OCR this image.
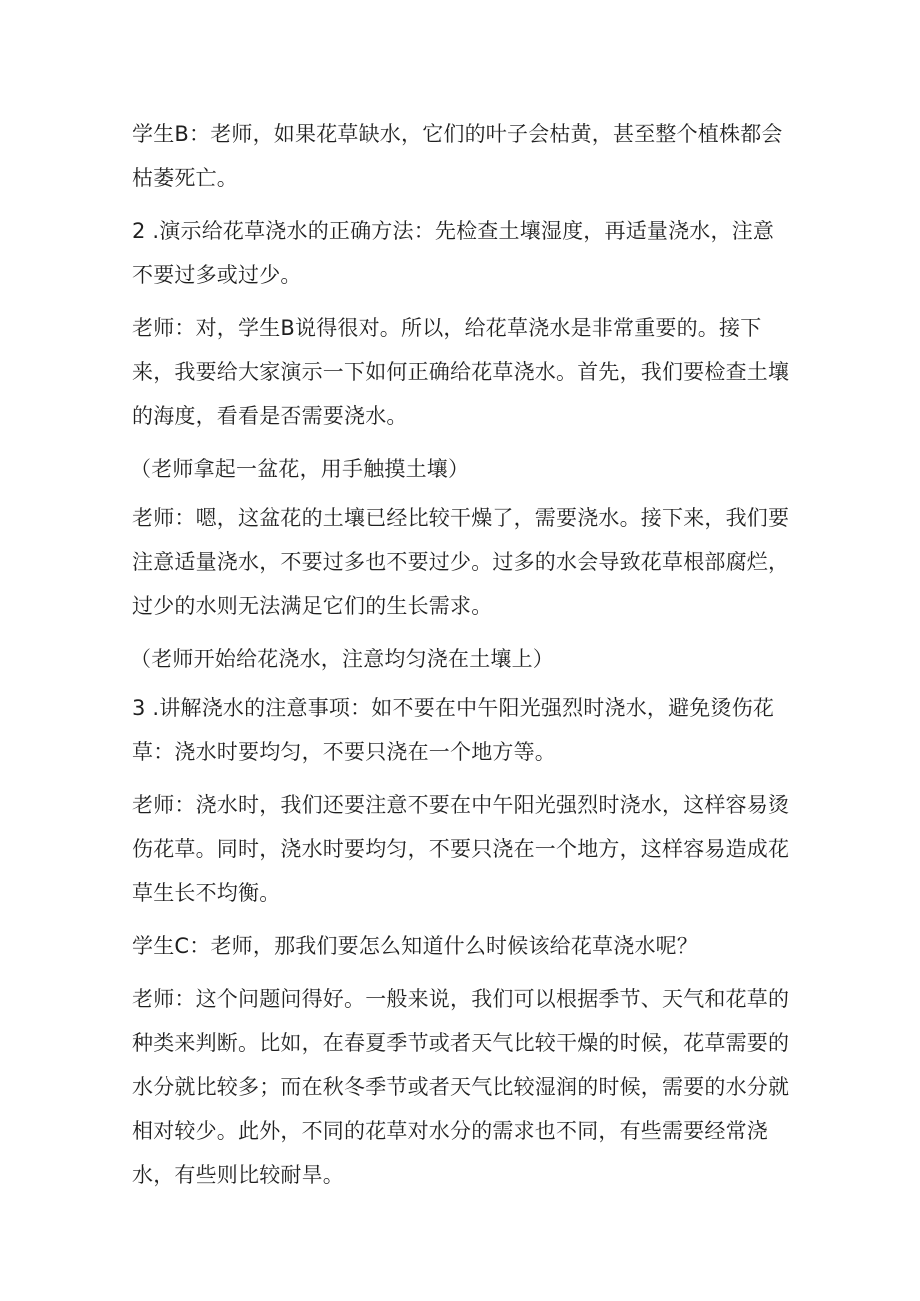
学生B：老师，如果花草缺水，它们的叶子会枯黄，甚至整个植株都会枯萎死亡。

2 .演示给花草浇水的正确方法：先检查土壤湿度，再适量浇水，注意不要过多或过少。

老师：对，学生B说得很对。所以，给花草浇水是非常重要的。接下来，我要给大家演示一下如何正确给花草浇水。首先，我们要检查土壤的海度，看看是否需要浇水。

（老师拿起一盆花，用手触摸土壤）

老师：嗯，这盆花的土壤已经比较干燥了，需要浇水。接下来，我们要注意适量浇水，不要过多也不要过少。过多的水会导致花草根部腐烂，过少的水则无法满足它们的生长需求。

（老师开始给花浇水，注意均匀浇在土壤上）

3 .讲解浇水的注意事项：如不要在中午阳光强烈时浇水，避免烫伤花草：浇水时要均匀，不要只浇在一个地方等。

老师：浇水时，我们还要注意不要在中午阳光强烈时浇水，这样容易烫伤花草。同时，浇水时要均匀，不要只浇在一个地方，这样容易造成花草生长不均衡。

学生C：老师，那我们要怎么知道什么时候该给花草浇水呢？

老师：这个问题问得好。一般来说，我们可以根据季节、天气和花草的种类来判断。比如，在春夏季节或者天气比较干燥的时候，花草需要的水分就比较多；而在秋冬季节或者天气比较湿润的时候，需要的水分就相对较少。此外，不同的花草对水分的需求也不同，有些需要经常浇水，有些则比较耐旱。
